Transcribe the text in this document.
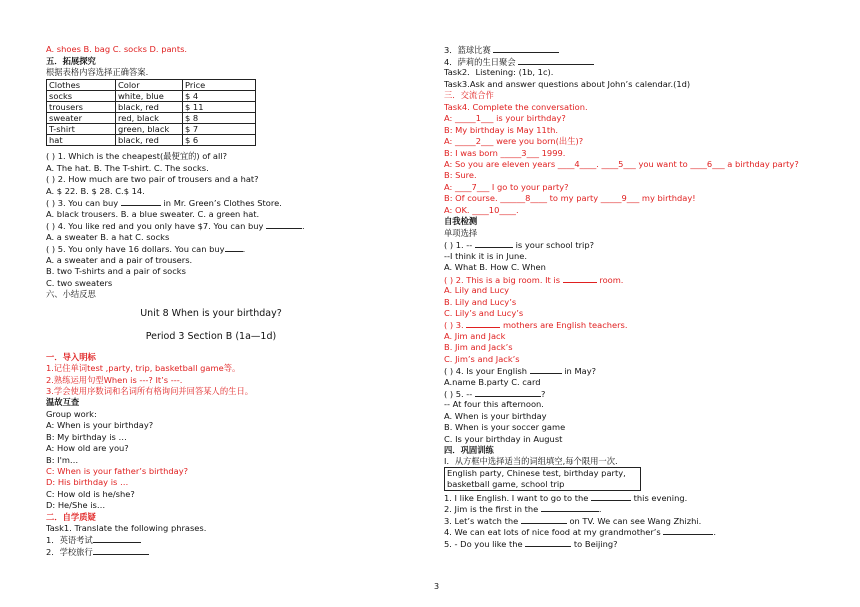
A. shoes B. bag C. socks D. pants.
五．拓展探究
根据表格内容选择正确答案.
Clothes	Color	Price
socks	white, blue	$ 4
trousers	black, red	$ 11
sweater	red, black	$ 8
T-shirt	green, black	$ 7
hat	black, red	$ 6
( ) 1. Which is the cheapest(最便宜的) of all?
A. The hat. B. The T-shirt. C. The socks.
( ) 2. How much are two pair of trousers and a hat?
A. $ 22. B. $ 28. C.$ 14.
( ) 3. You can buy	in Mr. Green’s Clothes Store.
A. black trousers. B. a blue sweater. C. a green hat.
( ) 4. You like red and you only have $7. You can buy	.
A. a sweater B. a hat C. socks
( ) 5. You only have 16 dollars. You can buy .
A. a sweater and a pair of trousers.
B. two T-shirts and a pair of socks
C. two sweaters
六、小结反思
Unit 8 When is your birthday?
Period 3 Section B (1a—1d)
一．导入明标
1.记住单词test ,party, trip, basketball game等。
2.熟练运用句型When is ---? It’s ---.
3.学会使用序数词和名词所有格询问并回答某人的生日。
温故互查
Group work:
A: When is your birthday?
B: My birthday is …
A: How old are you?
B: I'm…
C: When is your father’s birthday?
D: His birthday is …
C: How old is he/she?
D: He/She is…
二．自学质疑
Task1. Translate the following phrases.
1．英语考试
2．学校旅行
3．篮球比赛
4．萨莉的生日聚会
Task2．Listening: (1b, 1c).
Task3.Ask and answer questions about John’s calendar.(1d)
三．交流合作
Task4. Complete the conversation.
A: _____1___ is your birthday?
B: My birthday is May 11th.
A: _____2___ were you born(出生)?
B: I was born _____3___ 1999.
A: So you are eleven years ____4____. ____5___ you want to ____6___ a birthday party?
B: Sure.
A: ____7___ I go to your party?
B: Of course. ______8____ to my party _____9___ my birthday!
A: OK. ____10____.
自我检测
单项选择
( ) 1. --	is your school trip?
--I think it is in June.
A. What B. How C. When
( ) 2. This is a big room. It is	room.
A. Lily and Lucy
B. Lily and Lucy’s
C. Lily’s and Lucy’s
( ) 3.	mothers are English teachers.
A. Jim and Jack
B. Jim and Jack’s
C. Jim’s and Jack’s
( ) 4. Is your English	in May?
A.name B.party C. card
( ) 5. --	?
-- At four this afternoon.
A. When is your birthday
B. When is your soccer game
C. Is your birthday in August
四．巩固训练
Ⅰ．从方框中选择适当的词组填空,每个限用一次.
English party, Chinese test, birthday party,
basketball game, school trip
1. I like English. I want to go to the	this evening.
2. Jim is the first in the	.
3. Let’s watch the	on TV. We can see Wang Zhizhi.
4. We can eat lots of nice food at my grandmother’s	.
5. - Do you like the	to Beijing?
3
